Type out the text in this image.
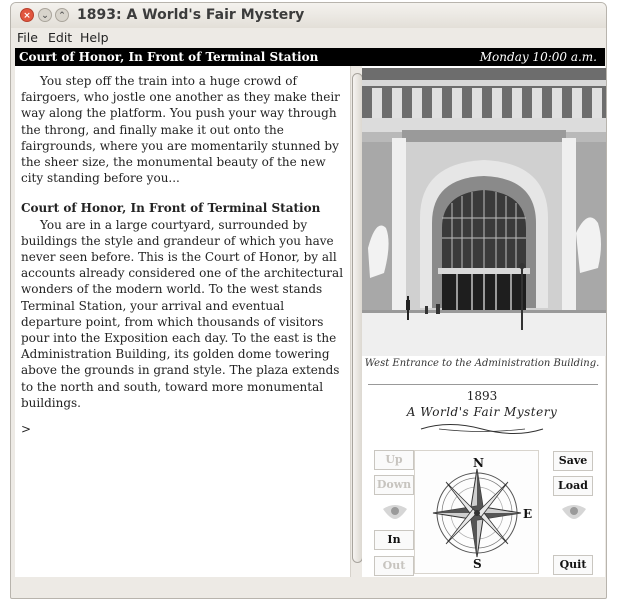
×	⌄	⌃ 1893: A World's Fair Mystery
File Edit Help
Court of Honor, In Front of Terminal Station	Monday 10:00 a.m.

You step off the train into a huge crowd of fairgoers, who jostle one another as they make their way along the platform. You push your way through the throng, and finally make it out onto the fairgrounds, where you are momentarily stunned by the sheer size, the monumental beauty of the new city standing before you...

Court of Honor, In Front of Terminal Station

You are in a large courtyard, surrounded by buildings the style and grandeur of which you have never seen before. This is the Court of Honor, by all accounts already considered one of the architectural wonders of the modern world. To the west stands Terminal Station, your arrival and eventual departure point, from which thousands of visitors pour into the Exposition each day. To the east is the Administration Building, its golden dome towering above the grounds in grand style. The plaza extends to the north and south, toward more monumental buildings.

>

West Entrance to the Administration Building.
1893
A World's Fair Mystery
Up
Down
In
Out
N
S
E
Save
Load
Quit
